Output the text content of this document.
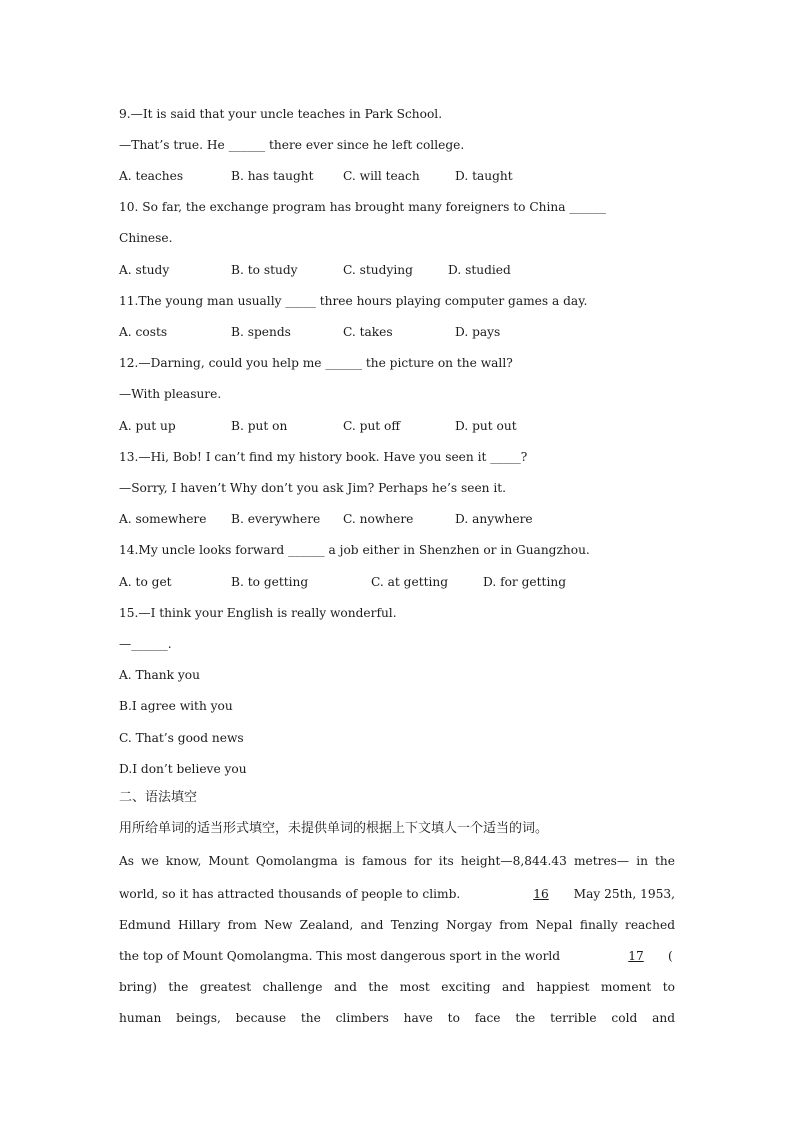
9.—It is said that your uncle teaches in Park School.
—That’s true. He ______ there ever since he left college.
A. teaches	B. has taught C. will teach	D. taught
10. So far, the exchange program has brought many foreigners to China ______
Chinese.
A. study	B. to study	C. studying	D. studied
11.The young man usually _____ three hours playing computer games a day.
A. costs	B. spends	C. takes	D. pays
12.—Darning, could you help me ______ the picture on the wall?
—With pleasure.
A. put up	B. put on	C. put off	D. put out
13.—Hi, Bob! I can’t find my history book. Have you seen it _____?
—Sorry, I haven’t Why don’t you ask Jim? Perhaps he’s seen it.
A. somewhere B. everywhere C. nowhere	D. anywhere
14.My uncle looks forward ______ a job either in Shenzhen or in Guangzhou.
A. to get	B. to getting	C. at getting	D. for getting
15.—I think your English is really wonderful.
—______.
A. Thank you
B.I agree with you
C. That’s good news
D.I don’t believe you
二、语法填空
用所给单词的适当形式填空，未提供单词的根据上下文填人一个适当的词。
As we know, Mount Qomolangma is famous for its height—8,844.43 metres— in the
world, so it has attracted thousands of people to climb.	16	May 25th, 1953,
Edmund Hillary from New Zealand, and Tenzing Norgay from Nepal finally reached
the top of Mount Qomolangma. This most dangerous sport in the world	17	(
bring) the greatest challenge and the most exciting and happiest moment to
human beings, because the climbers have to face the terrible cold and
